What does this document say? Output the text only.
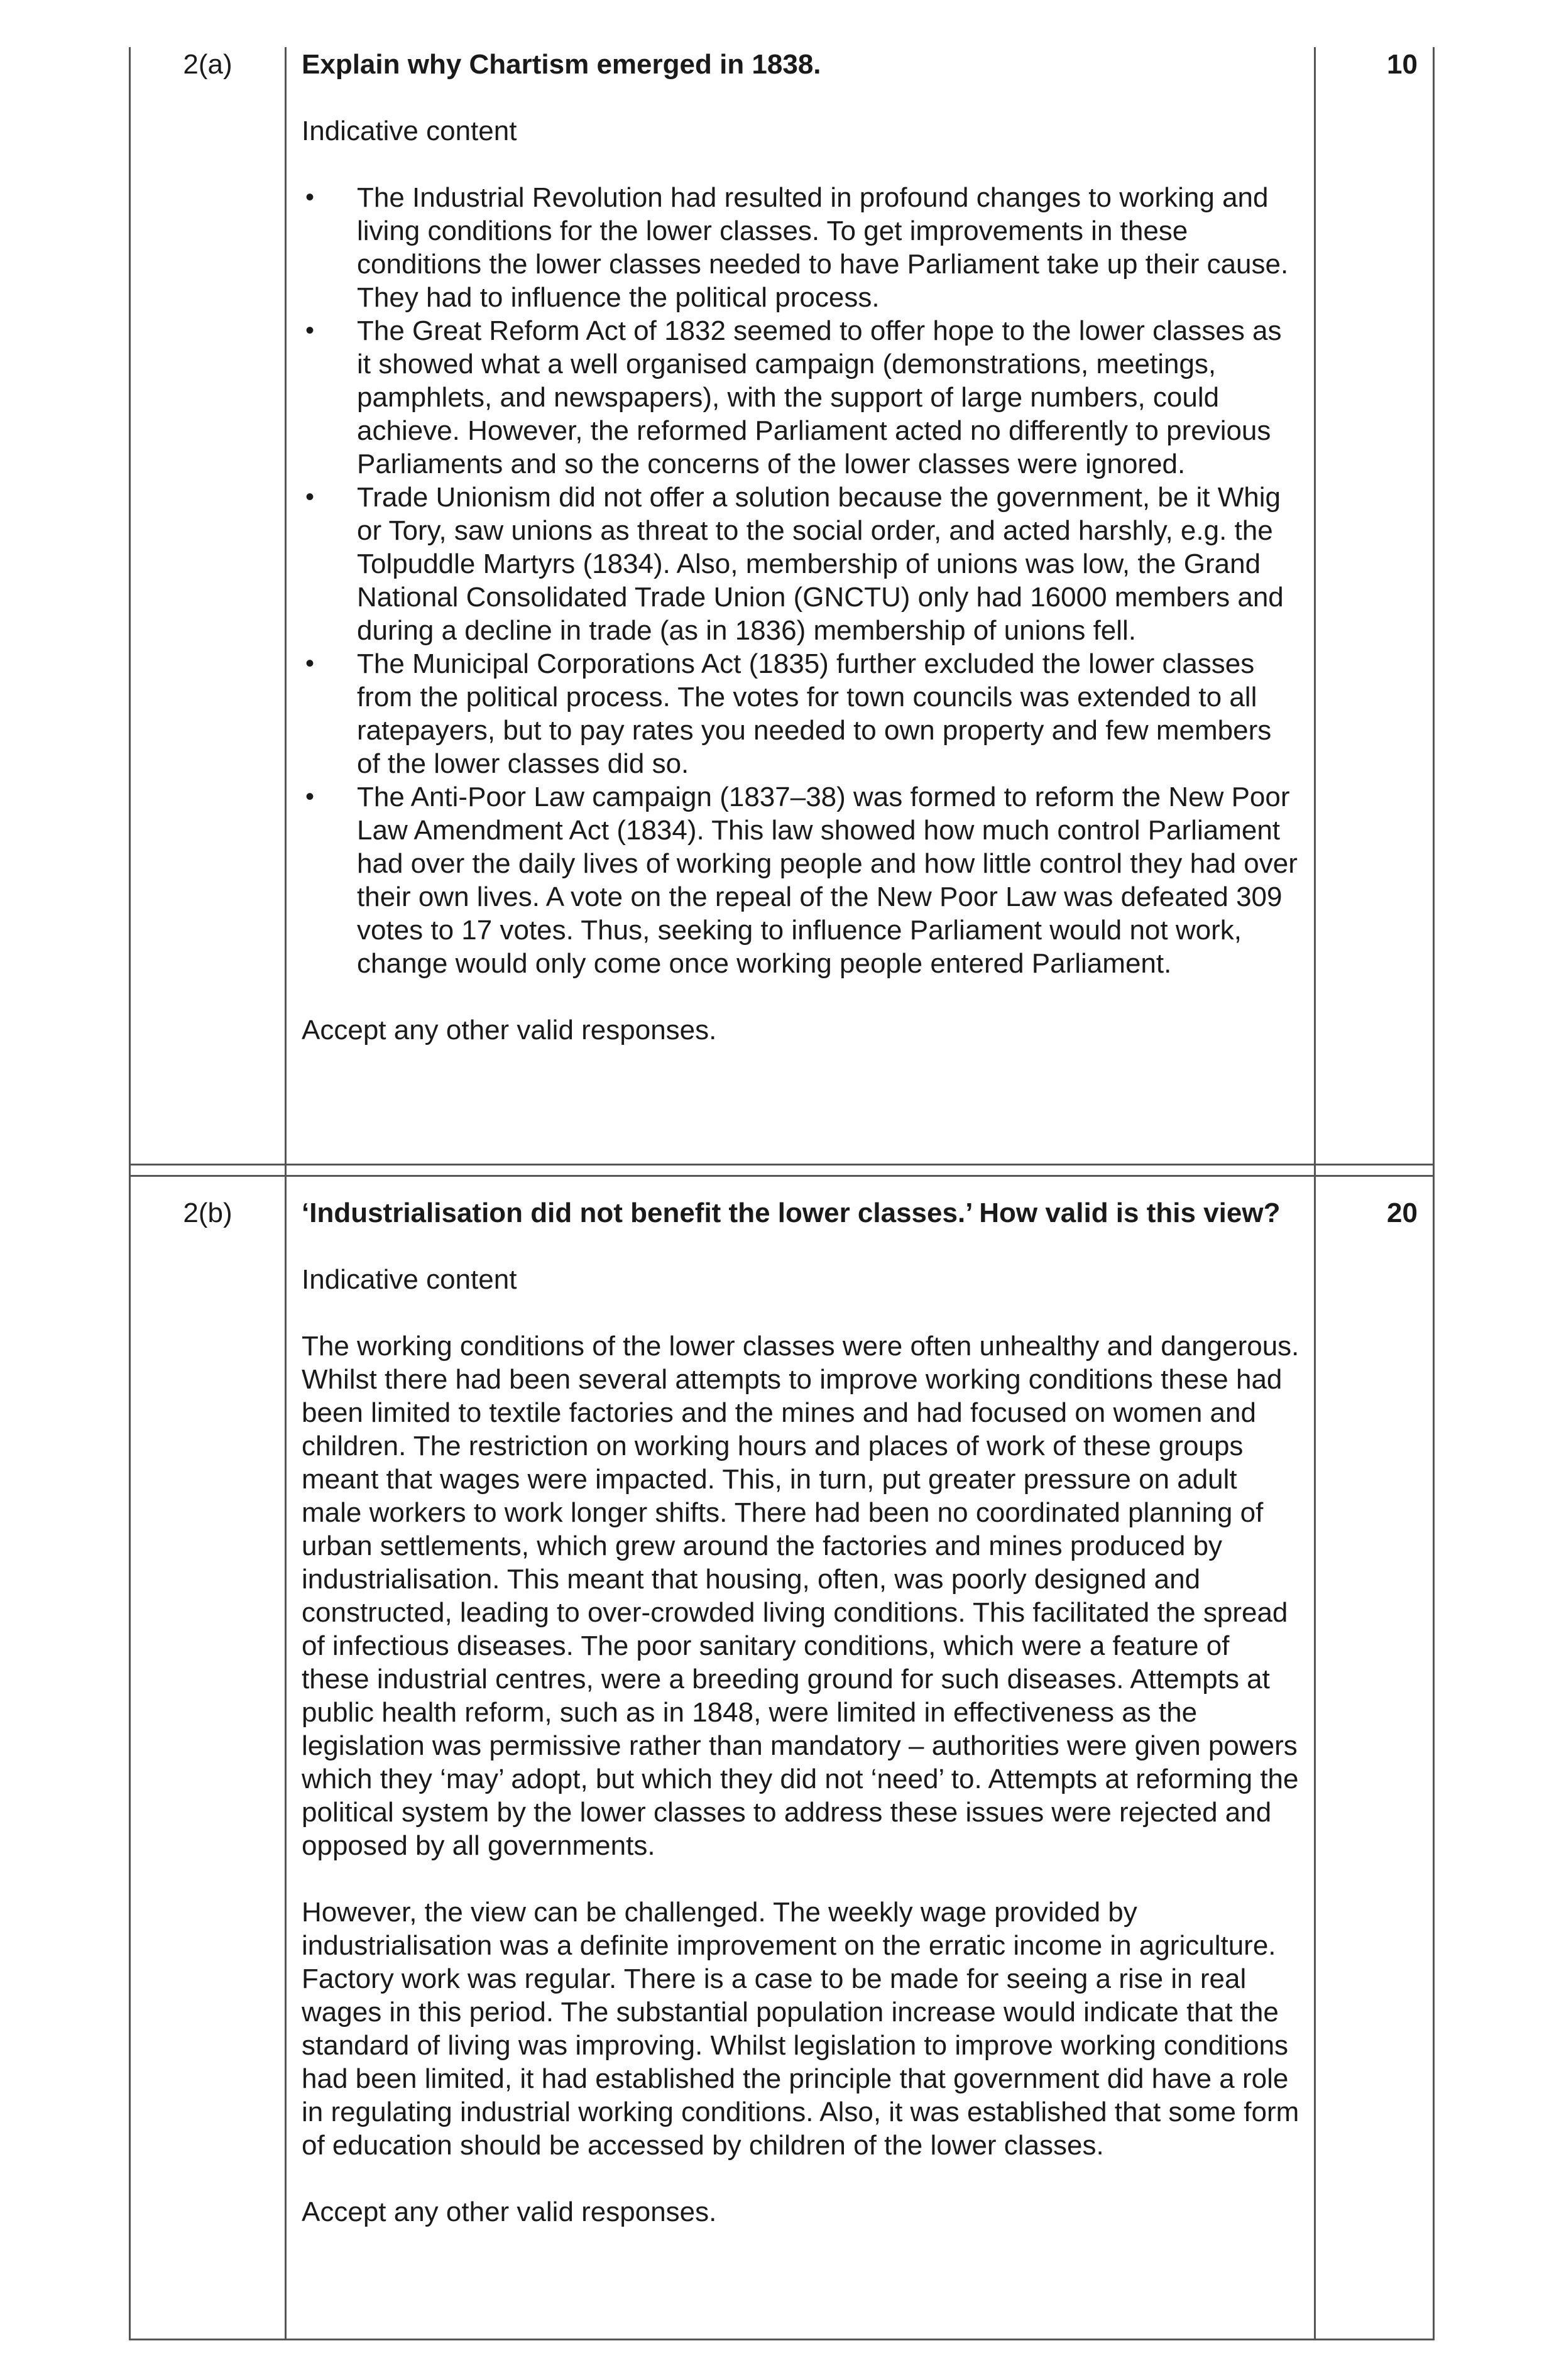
2(a)	Explain why Chartism emerged in 1838.

Indicative content

• The Industrial Revolution had resulted in profound changes to working and living conditions for the lower classes. To get improvements in these conditions the lower classes needed to have Parliament take up their cause. They had to influence the political process.
• The Great Reform Act of 1832 seemed to offer hope to the lower classes as it showed what a well organised campaign (demonstrations, meetings, pamphlets, and newspapers), with the support of large numbers, could achieve. However, the reformed Parliament acted no differently to previous Parliaments and so the concerns of the lower classes were ignored.
• Trade Unionism did not offer a solution because the government, be it Whig or Tory, saw unions as threat to the social order, and acted harshly, e.g. the Tolpuddle Martyrs (1834). Also, membership of unions was low, the Grand National Consolidated Trade Union (GNCTU) only had 16000 members and during a decline in trade (as in 1836) membership of unions fell.
• The Municipal Corporations Act (1835) further excluded the lower classes from the political process. The votes for town councils was extended to all ratepayers, but to pay rates you needed to own property and few members of the lower classes did so.
• The Anti-Poor Law campaign (1837–38) was formed to reform the New Poor Law Amendment Act (1834). This law showed how much control Parliament had over the daily lives of working people and how little control they had over their own lives. A vote on the repeal of the New Poor Law was defeated 309 votes to 17 votes. Thus, seeking to influence Parliament would not work, change would only come once working people entered Parliament.

Accept any other valid responses.

10
2(b)	‘Industrialisation did not benefit the lower classes.’ How valid is this view?

Indicative content

The working conditions of the lower classes were often unhealthy and dangerous. Whilst there had been several attempts to improve working conditions these had been limited to textile factories and the mines and had focused on women and children. The restriction on working hours and places of work of these groups meant that wages were impacted. This, in turn, put greater pressure on adult male workers to work longer shifts. There had been no coordinated planning of urban settlements, which grew around the factories and mines produced by industrialisation. This meant that housing, often, was poorly designed and constructed, leading to over-crowded living conditions. This facilitated the spread of infectious diseases. The poor sanitary conditions, which were a feature of these industrial centres, were a breeding ground for such diseases. Attempts at public health reform, such as in 1848, were limited in effectiveness as the legislation was permissive rather than mandatory – authorities were given powers which they ‘may’ adopt, but which they did not ‘need’ to. Attempts at reforming the political system by the lower classes to address these issues were rejected and opposed by all governments.

However, the view can be challenged. The weekly wage provided by industrialisation was a definite improvement on the erratic income in agriculture. Factory work was regular. There is a case to be made for seeing a rise in real wages in this period. The substantial population increase would indicate that the standard of living was improving. Whilst legislation to improve working conditions had been limited, it had established the principle that government did have a role in regulating industrial working conditions. Also, it was established that some form of education should be accessed by children of the lower classes.

Accept any other valid responses.

20
